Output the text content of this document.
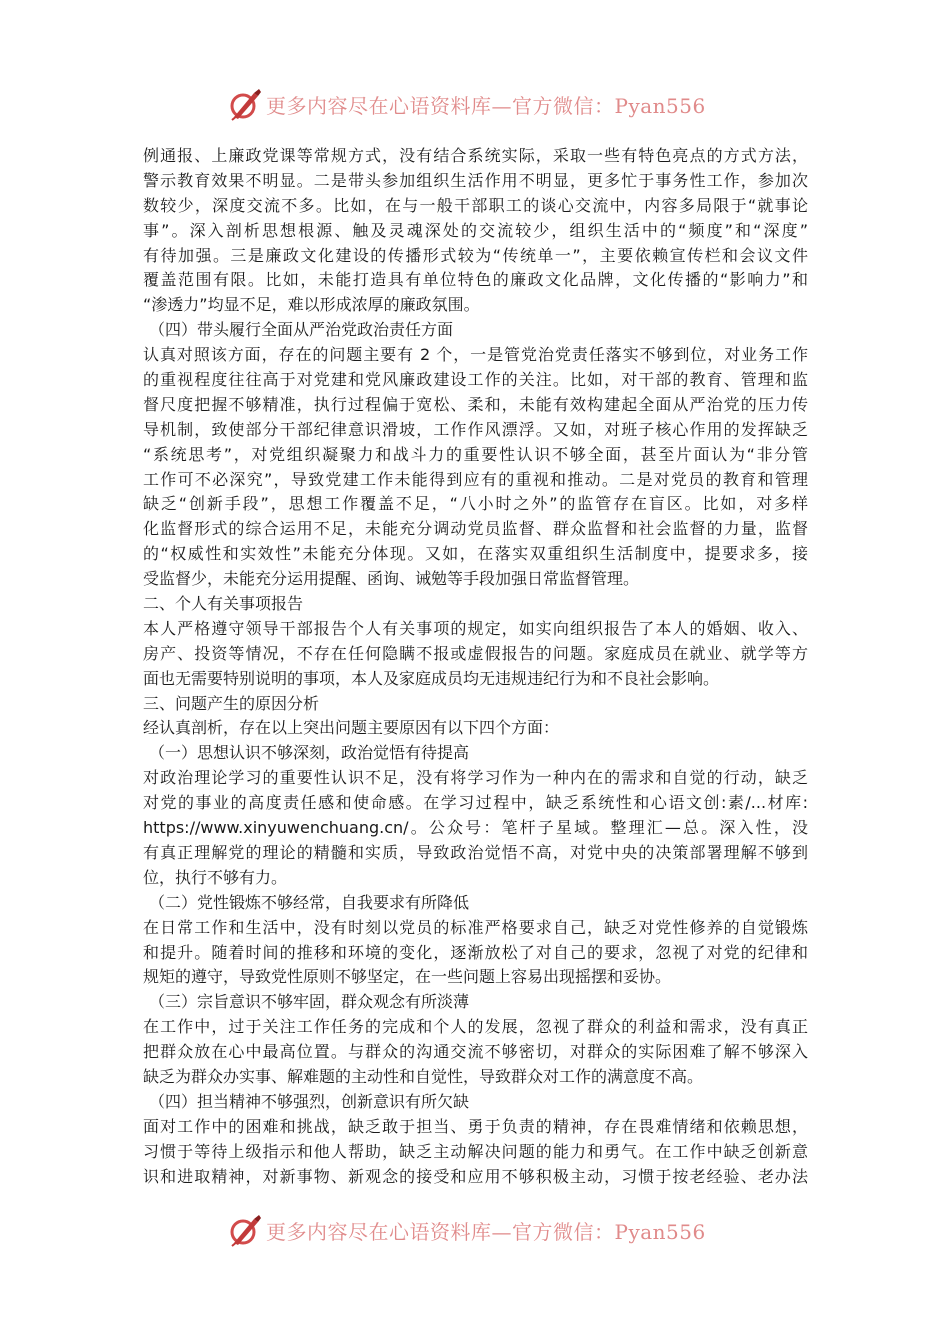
更多内容尽在心语资料库—官方微信：Pyan556
例通报、上廉政党课等常规方式，没有结合系统实际，采取一些有特色亮点的方式方法，
警示教育效果不明显。二是带头参加组织生活作用不明显，更多忙于事务性工作，参加次
数较少，深度交流不多。比如，在与一般干部职工的谈心交流中，内容多局限于“就事论
事”。深入剖析思想根源、触及灵魂深处的交流较少，组织生活中的“频度”和“深度”
有待加强。三是廉政文化建设的传播形式较为“传统单一”，主要依赖宣传栏和会议文件
覆盖范围有限。比如，未能打造具有单位特色的廉政文化品牌，文化传播的“影响力”和
“渗透力”均显不足，难以形成浓厚的廉政氛围。
（四）带头履行全面从严治党政治责任方面
认真对照该方面，存在的问题主要有 2 个，一是管党治党责任落实不够到位，对业务工作
的重视程度往往高于对党建和党风廉政建设工作的关注。比如，对干部的教育、管理和监
督尺度把握不够精准，执行过程偏于宽松、柔和，未能有效构建起全面从严治党的压力传
导机制，致使部分干部纪律意识滑坡，工作作风漂浮。又如，对班子核心作用的发挥缺乏
“系统思考”，对党组织凝聚力和战斗力的重要性认识不够全面，甚至片面认为“非分管
工作可不必深究”，导致党建工作未能得到应有的重视和推动。二是对党员的教育和管理
缺乏“创新手段”，思想工作覆盖不足，“八小时之外”的监管存在盲区。比如，对多样
化监督形式的综合运用不足，未能充分调动党员监督、群众监督和社会监督的力量，监督
的“权威性和实效性”未能充分体现。又如，在落实双重组织生活制度中，提要求多，接
受监督少，未能充分运用提醒、函询、诫勉等手段加强日常监督管理。
二、个人有关事项报告
本人严格遵守领导干部报告个人有关事项的规定，如实向组织报告了本人的婚姻、收入、
房产、投资等情况，不存在任何隐瞒不报或虚假报告的问题。家庭成员在就业、就学等方
面也无需要特别说明的事项，本人及家庭成员均无违规违纪行为和不良社会影响。
三、问题产生的原因分析
经认真剖析，存在以上突出问题主要原因有以下四个方面：
（一）思想认识不够深刻，政治觉悟有待提高
对政治理论学习的重要性认识不足，没有将学习作为一种内在的需求和自觉的行动，缺乏
对党的事业的高度责任感和使命感。在学习过程中，缺乏系统性和心语文创:素/...材库:
https://www.xinyuwenchuang.cn/。公众号：笔杆子星域。整理汇—总。深入性，没
有真正理解党的理论的精髓和实质，导致政治觉悟不高，对党中央的决策部署理解不够到
位，执行不够有力。
（二）党性锻炼不够经常，自我要求有所降低
在日常工作和生活中，没有时刻以党员的标准严格要求自己，缺乏对党性修养的自觉锻炼
和提升。随着时间的推移和环境的变化，逐渐放松了对自己的要求，忽视了对党的纪律和
规矩的遵守，导致党性原则不够坚定，在一些问题上容易出现摇摆和妥协。
（三）宗旨意识不够牢固，群众观念有所淡薄
在工作中，过于关注工作任务的完成和个人的发展，忽视了群众的利益和需求，没有真正
把群众放在心中最高位置。与群众的沟通交流不够密切，对群众的实际困难了解不够深入
缺乏为群众办实事、解难题的主动性和自觉性，导致群众对工作的满意度不高。
（四）担当精神不够强烈，创新意识有所欠缺
面对工作中的困难和挑战，缺乏敢于担当、勇于负责的精神，存在畏难情绪和依赖思想，
习惯于等待上级指示和他人帮助，缺乏主动解决问题的能力和勇气。在工作中缺乏创新意
识和进取精神，对新事物、新观念的接受和应用不够积极主动，习惯于按老经验、老办法
更多内容尽在心语资料库—官方微信：Pyan556
